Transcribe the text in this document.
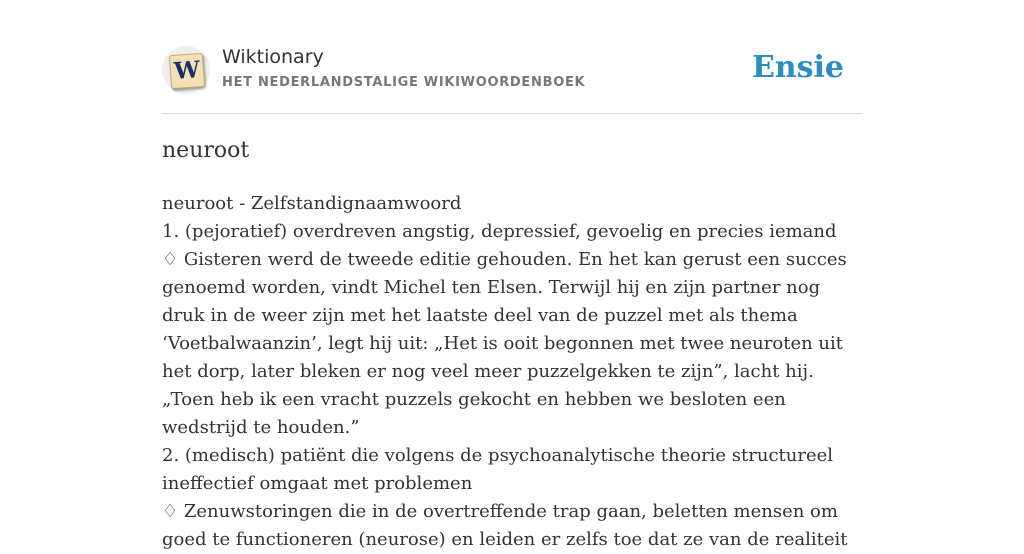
W Wiktionary
HET NEDERLANDSTALIGE WIKIWOORDENBOEK	Ensie
neuroot

neuroot - Zelfstandignaamwoord

1. (pejoratief) overdreven angstig, depressief, gevoelig en precies iemand

♢ Gisteren werd de tweede editie gehouden. En het kan gerust een succes genoemd worden, vindt Michel ten Elsen. Terwijl hij en zijn partner nog druk in de weer zijn met het laatste deel van de puzzel met als thema ‘Voetbalwaanzin’, legt hij uit: „Het is ooit begonnen met twee neuroten uit het dorp, later bleken er nog veel meer puzzelgekken te zijn”, lacht hij. „Toen heb ik een vracht puzzels gekocht en hebben we besloten een wedstrijd te houden.”

2. (medisch) patiënt die volgens de psychoanalytische theorie structureel ineffectief omgaat met problemen

♢ Zenuwstoringen die in de overtreffende trap gaan, beletten mensen om goed te functioneren (neurose) en leiden er zelfs toe dat ze van de realiteit
